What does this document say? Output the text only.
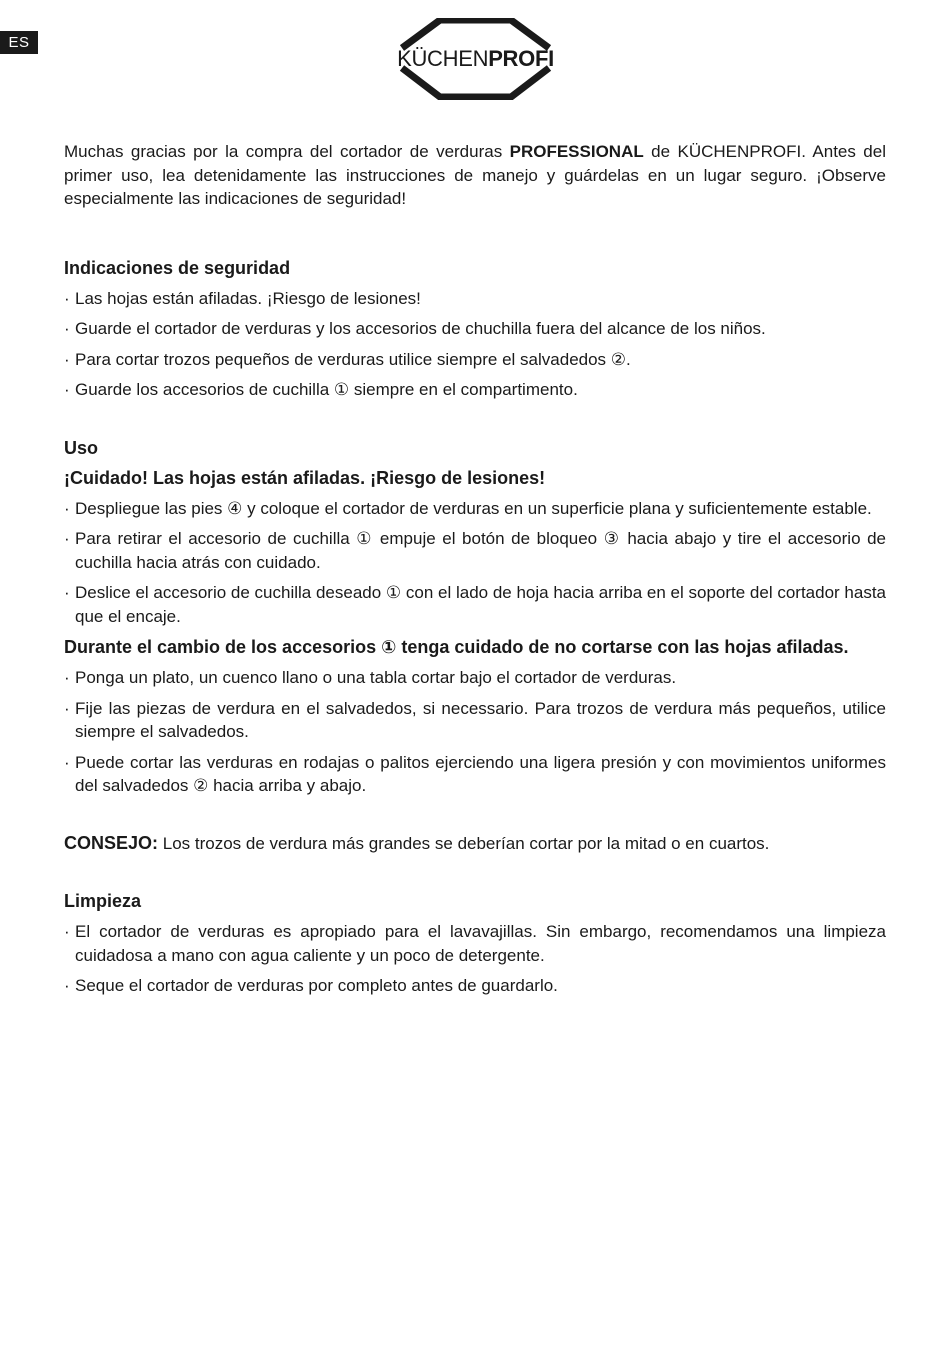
ES
KÜCHENPROFI

Muchas gracias por la compra del cortador de verduras PROFESSIONAL de KÜCHENPROFI. Antes del primer uso, lea detenidamente las instrucciones de manejo y guárdelas en un lugar seguro. ¡Observe especialmente las indicaciones de seguridad!

Indicaciones de seguridad
· Las hojas están afiladas. ¡Riesgo de lesiones!
· Guarde el cortador de verduras y los accesorios de chuchilla fuera del alcance de los niños.
· Para cortar trozos pequeños de verduras utilice siempre el salvadedos ②.
· Guarde los accesorios de cuchilla ① siempre en el compartimento.
Uso
¡Cuidado! Las hojas están afiladas. ¡Riesgo de lesiones!
· Despliegue las pies ④ y coloque el cortador de verduras en un superficie plana y suficientemente estable.
· Para retirar el accesorio de cuchilla ① empuje el botón de bloqueo ③ hacia abajo y tire el accesorio de cuchilla hacia atrás con cuidado.
· Deslice el accesorio de cuchilla deseado ① con el lado de hoja hacia arriba en el soporte del cortador hasta que el encaje.
Durante el cambio de los accesorios ① tenga cuidado de no cortarse con las hojas afiladas.
· Ponga un plato, un cuenco llano o una tabla cortar bajo el cortador de verduras.
· Fije las piezas de verdura en el salvadedos, si necessario. Para trozos de verdura más pequeños, utilice siempre el salvadedos.
· Puede cortar las verduras en rodajas o palitos ejerciendo una ligera presión y con movimientos uniformes del salvadedos ② hacia arriba y abajo.

CONSEJO: Los trozos de verdura más grandes se deberían cortar por la mitad o en cuartos.

Limpieza
· El cortador de verduras es apropiado para el lavavajillas. Sin embargo, recomendamos una limpieza cuidadosa a mano con agua caliente y un poco de detergente.
· Seque el cortador de verduras por completo antes de guardarlo.
